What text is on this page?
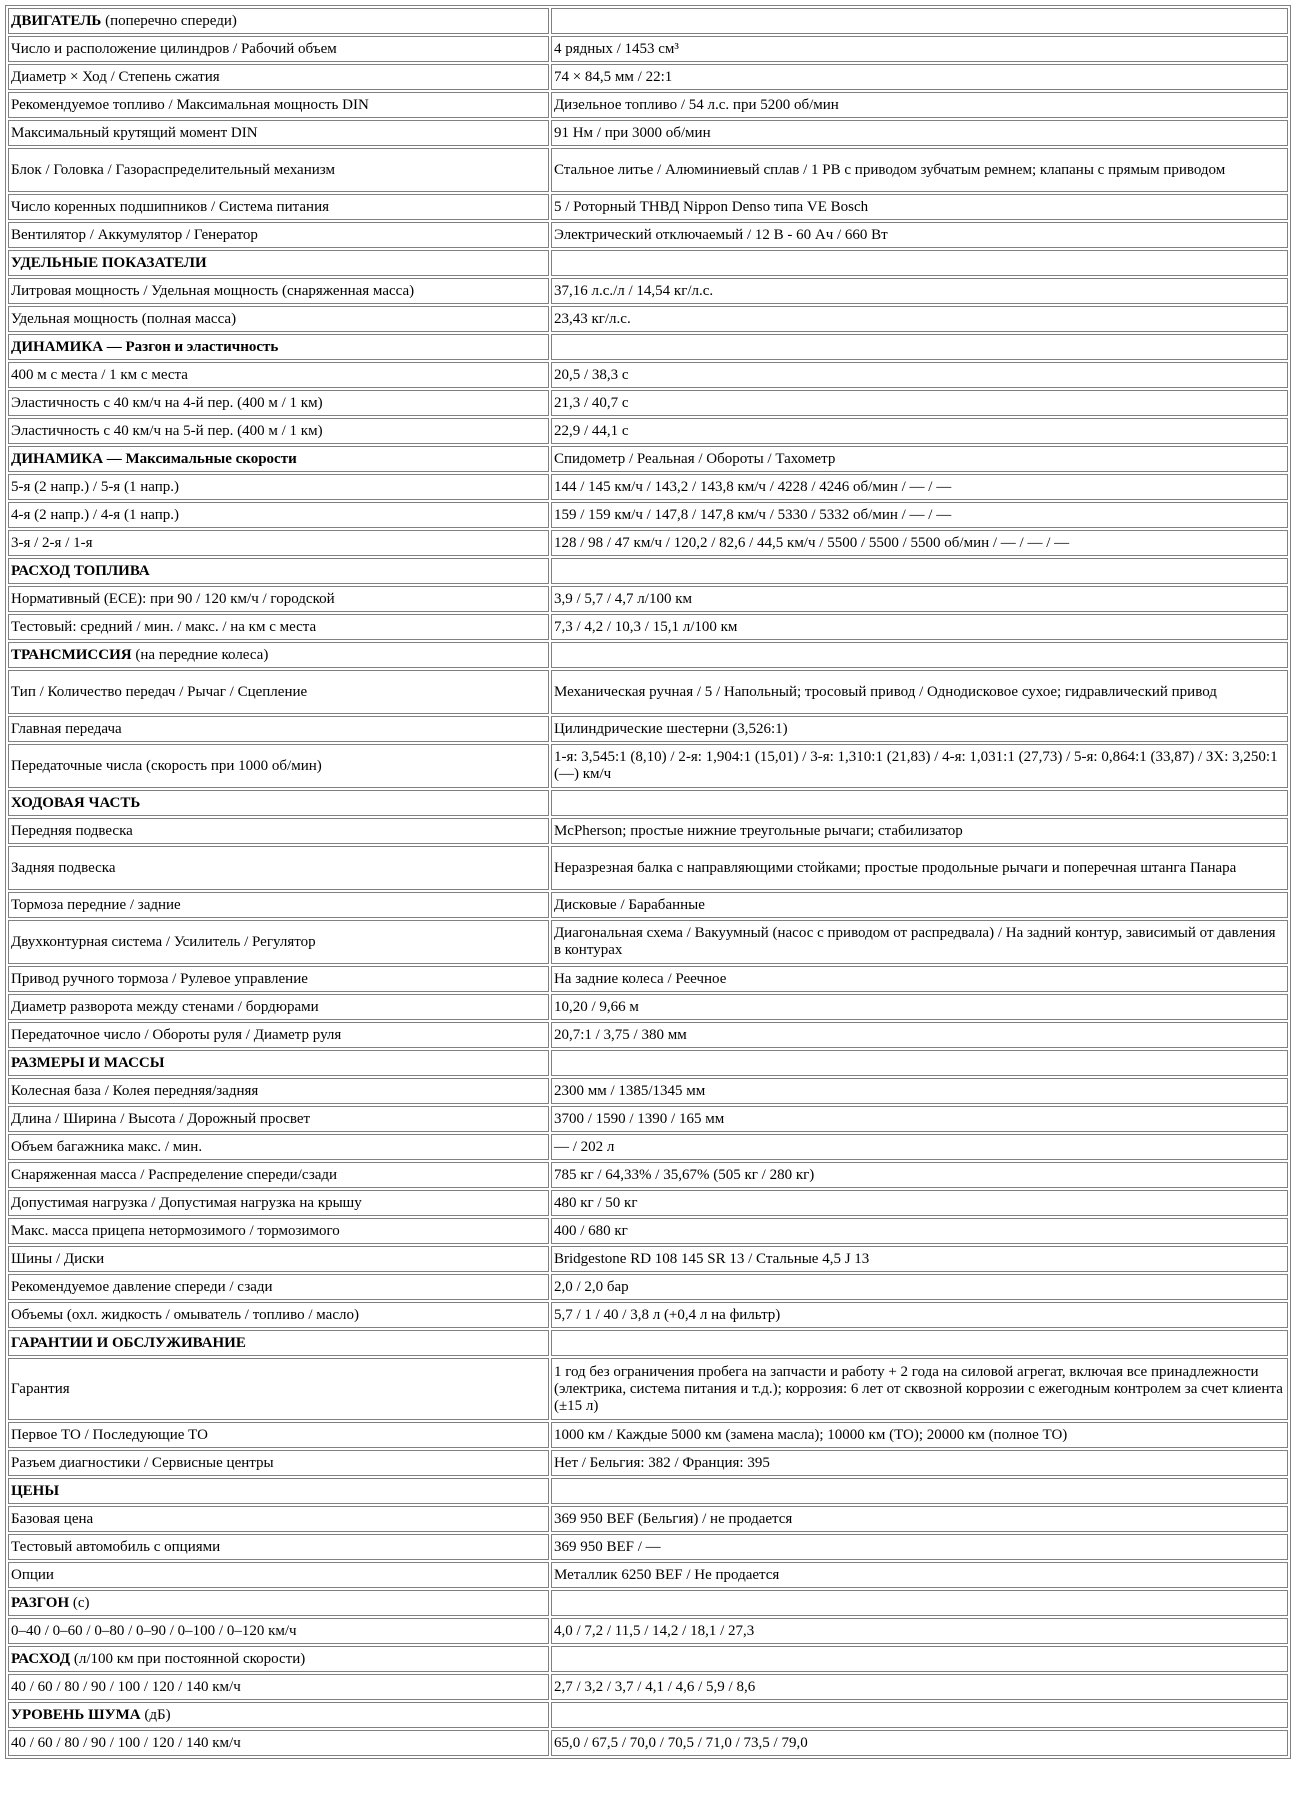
ДВИГАТЕЛЬ (поперечно спереди)	
Число и расположение цилиндров / Рабочий объем	4 рядных / 1453 см³
Диаметр × Ход / Степень сжатия	74 × 84,5 мм / 22:1
Рекомендуемое топливо / Максимальная мощность DIN	Дизельное топливо / 54 л.с. при 5200 об/мин
Максимальный крутящий момент DIN	91 Нм / при 3000 об/мин
Блок / Головка / Газораспределительный механизм	Стальное литье / Алюминиевый сплав / 1 РВ с приводом зубчатым ремнем; клапаны с прямым приводом
Число коренных подшипников / Система питания	5 / Роторный ТНВД Nippon Denso типа VE Bosch
Вентилятор / Аккумулятор / Генератор	Электрический отключаемый / 12 В - 60 Ач / 660 Вт
УДЕЛЬНЫЕ ПОКАЗАТЕЛИ	
Литровая мощность / Удельная мощность (снаряженная масса)	37,16 л.с./л / 14,54 кг/л.с.
Удельная мощность (полная масса)	23,43 кг/л.с.
ДИНАМИКА — Разгон и эластичность	
400 м с места / 1 км с места	20,5 / 38,3 с
Эластичность с 40 км/ч на 4-й пер. (400 м / 1 км)	21,3 / 40,7 с
Эластичность с 40 км/ч на 5-й пер. (400 м / 1 км)	22,9 / 44,1 с
ДИНАМИКА — Максимальные скорости	Спидометр / Реальная / Обороты / Тахометр
5-я (2 напр.) / 5-я (1 напр.)	144 / 145 км/ч / 143,2 / 143,8 км/ч / 4228 / 4246 об/мин / — / —
4-я (2 напр.) / 4-я (1 напр.)	159 / 159 км/ч / 147,8 / 147,8 км/ч / 5330 / 5332 об/мин / — / —
3-я / 2-я / 1-я	128 / 98 / 47 км/ч / 120,2 / 82,6 / 44,5 км/ч / 5500 / 5500 / 5500 об/мин / — / — / —
РАСХОД ТОПЛИВА	
Нормативный (ЕСЕ): при 90 / 120 км/ч / городской	3,9 / 5,7 / 4,7 л/100 км
Тестовый: средний / мин. / макс. / на км с места	7,3 / 4,2 / 10,3 / 15,1 л/100 км
ТРАНСМИССИЯ (на передние колеса)	
Тип / Количество передач / Рычаг / Сцепление	Механическая ручная / 5 / Напольный; тросовый привод / Однодисковое сухое; гидравлический привод
Главная передача	Цилиндрические шестерни (3,526:1)
Передаточные числа (скорость при 1000 об/мин)	1-я: 3,545:1 (8,10) / 2-я: 1,904:1 (15,01) / 3-я: 1,310:1 (21,83) / 4-я: 1,031:1 (27,73) / 5-я: 0,864:1 (33,87) / ЗХ: 3,250:1 (—) км/ч
ХОДОВАЯ ЧАСТЬ	
Передняя подвеска	McPherson; простые нижние треугольные рычаги; стабилизатор
Задняя подвеска	Неразрезная балка с направляющими стойками; простые продольные рычаги и поперечная штанга Панара
Тормоза передние / задние	Дисковые / Барабанные
Двухконтурная система / Усилитель / Регулятор	Диагональная схема / Вакуумный (насос с приводом от распредвала) / На задний контур, зависимый от давления в контурах
Привод ручного тормоза / Рулевое управление	На задние колеса / Реечное
Диаметр разворота между стенами / бордюрами	10,20 / 9,66 м
Передаточное число / Обороты руля / Диаметр руля	20,7:1 / 3,75 / 380 мм
РАЗМЕРЫ И МАССЫ	
Колесная база / Колея передняя/задняя	2300 мм / 1385/1345 мм
Длина / Ширина / Высота / Дорожный просвет	3700 / 1590 / 1390 / 165 мм
Объем багажника макс. / мин.	— / 202 л
Снаряженная масса / Распределение спереди/сзади	785 кг / 64,33% / 35,67% (505 кг / 280 кг)
Допустимая нагрузка / Допустимая нагрузка на крышу	480 кг / 50 кг
Макс. масса прицепа нетормозимого / тормозимого	400 / 680 кг
Шины / Диски	Bridgestone RD 108 145 SR 13 / Стальные 4,5 J 13
Рекомендуемое давление спереди / сзади	2,0 / 2,0 бар
Объемы (охл. жидкость / омыватель / топливо / масло)	5,7 / 1 / 40 / 3,8 л (+0,4 л на фильтр)
ГАРАНТИИ И ОБСЛУЖИВАНИЕ	
Гарантия	1 год без ограничения пробега на запчасти и работу + 2 года на силовой агрегат, включая все принадлежности (электрика, система питания и т.д.); коррозия: 6 лет от сквозной коррозии с ежегодным контролем за счет клиента (±15 л)
Первое ТО / Последующие ТО	1000 км / Каждые 5000 км (замена масла); 10000 км (ТО); 20000 км (полное ТО)
Разъем диагностики / Сервисные центры	Нет / Бельгия: 382 / Франция: 395
ЦЕНЫ	
Базовая цена	369 950 BEF (Бельгия) / не продается
Тестовый автомобиль с опциями	369 950 BEF / —
Опции	Металлик 6250 BEF / Не продается
РАЗГОН (с)	
0–40 / 0–60 / 0–80 / 0–90 / 0–100 / 0–120 км/ч	4,0 / 7,2 / 11,5 / 14,2 / 18,1 / 27,3
РАСХОД (л/100 км при постоянной скорости)	
40 / 60 / 80 / 90 / 100 / 120 / 140 км/ч	2,7 / 3,2 / 3,7 / 4,1 / 4,6 / 5,9 / 8,6
УРОВЕНЬ ШУМА (дБ)	
40 / 60 / 80 / 90 / 100 / 120 / 140 км/ч	65,0 / 67,5 / 70,0 / 70,5 / 71,0 / 73,5 / 79,0
